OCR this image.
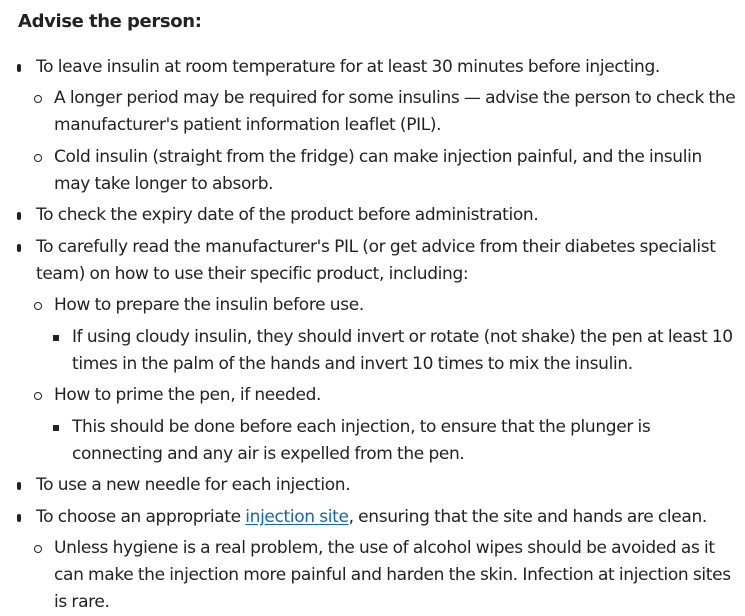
Advise the person:

To leave insulin at room temperature for at least 30 minutes before injecting.
A longer period may be required for some insulins — advise the person to check the manufacturer's patient information leaflet (PIL).
Cold insulin (straight from the fridge) can make injection painful, and the insulin may take longer to absorb.
To check the expiry date of the product before administration.
To carefully read the manufacturer's PIL (or get advice from their diabetes specialist team) on how to use their specific product, including:
How to prepare the insulin before use.
If using cloudy insulin, they should invert or rotate (not shake) the pen at least 10 times in the palm of the hands and invert 10 times to mix the insulin.
How to prime the pen, if needed.
This should be done before each injection, to ensure that the plunger is connecting and any air is expelled from the pen.
To use a new needle for each injection.
To choose an appropriate injection site, ensuring that the site and hands are clean.
Unless hygiene is a real problem, the use of alcohol wipes should be avoided as it can make the injection more painful and harden the skin. Infection at injection sites is rare.
